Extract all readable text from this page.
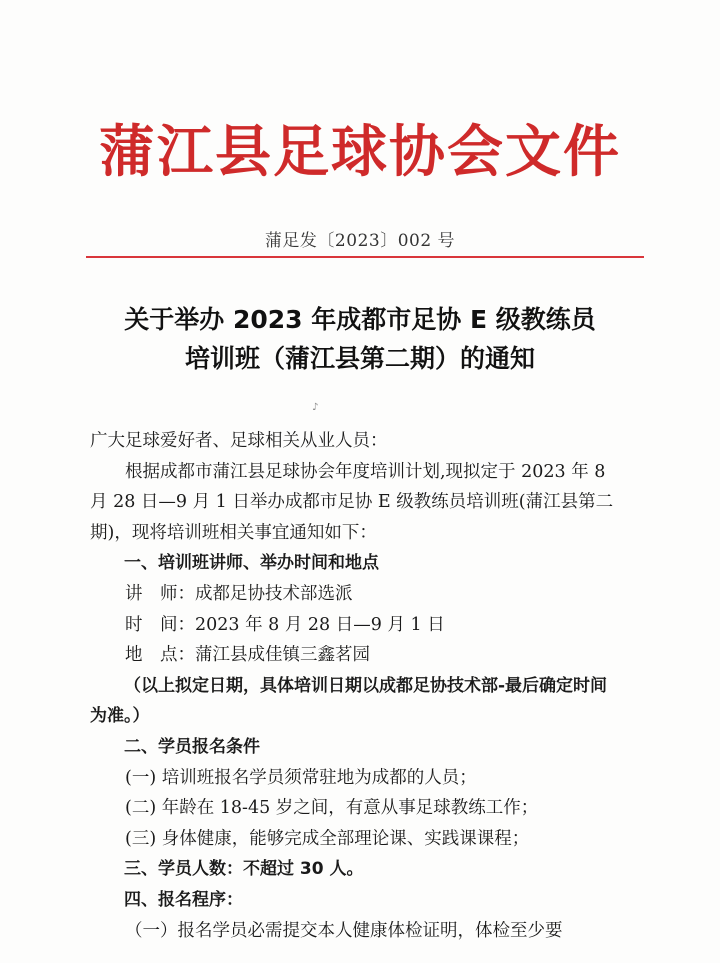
蒲江县足球协会文件
蒲足发〔2023〕002 号
关于举办 2023 年成都市足协 E 级教练员
培训班（蒲江县第二期）的通知
♪

广大足球爱好者、足球相关从业人员：

根据成都市蒲江县足球协会年度培训计划,现拟定于 2023 年 8 月 28 日—9 月 1 日举办成都市足协 E 级教练员培训班(蒲江县第二期)，现将培训班相关事宜通知如下：

一、培训班讲师、举办时间和地点

讲　师：成都足协技术部选派

时　间：2023 年 8 月 28 日—9 月 1 日

地　点：蒲江县成佳镇三鑫茗园

（以上拟定日期，具体培训日期以成都足协技术部-最后确定时间为准。）

二、学员报名条件

(一) 培训班报名学员须常驻地为成都的人员；

(二) 年龄在 18-45 岁之间，有意从事足球教练工作；

(三) 身体健康，能够完成全部理论课、实践课课程；

三、学员人数：不超过 30 人。

四、报名程序：

（一）报名学员必需提交本人健康体检证明，体检至少要
